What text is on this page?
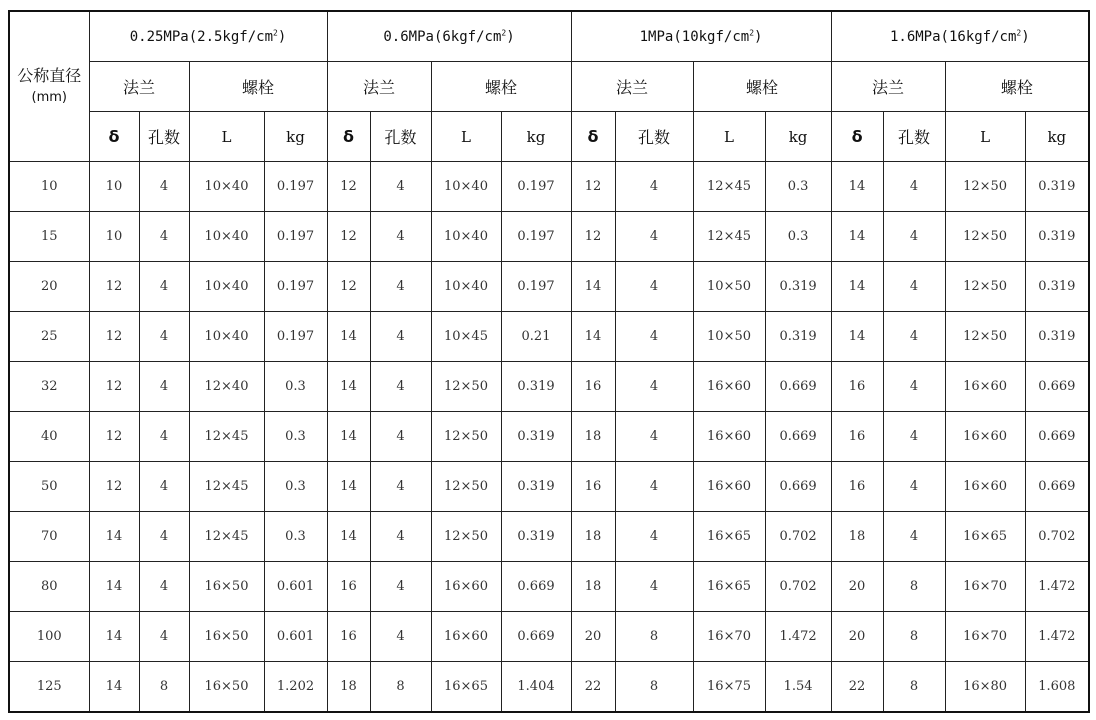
公称直径
(mm)	$0.25MPa(2.5kgf/cm^2)$				$0.6MPa(6kgf/cm^2)$				$1MPa(10kgf/cm^2)$				$1.6MPa(16kgf/cm^2)$			
	法兰		螺栓		法兰		螺栓		法兰		螺栓		法兰		螺栓	
	δ	孔数	L	kg	δ	孔数	L	kg	δ	孔数	L	kg	δ	孔数	L	kg
10	10	4	10×40	0.197	12	4	10×40	0.197	12	4	12×45	0.3	14	4	12×50	0.319
15	10	4	10×40	0.197	12	4	10×40	0.197	12	4	12×45	0.3	14	4	12×50	0.319
20	12	4	10×40	0.197	12	4	10×40	0.197	14	4	10×50	0.319	14	4	12×50	0.319
25	12	4	10×40	0.197	14	4	10×45	0.21	14	4	10×50	0.319	14	4	12×50	0.319
32	12	4	12×40	0.3	14	4	12×50	0.319	16	4	16×60	0.669	16	4	16×60	0.669
40	12	4	12×45	0.3	14	4	12×50	0.319	18	4	16×60	0.669	16	4	16×60	0.669
50	12	4	12×45	0.3	14	4	12×50	0.319	16	4	16×60	0.669	16	4	16×60	0.669
70	14	4	12×45	0.3	14	4	12×50	0.319	18	4	16×65	0.702	18	4	16×65	0.702
80	14	4	16×50	0.601	16	4	16×60	0.669	18	4	16×65	0.702	20	8	16×70	1.472
100	14	4	16×50	0.601	16	4	16×60	0.669	20	8	16×70	1.472	20	8	16×70	1.472
125	14	8	16×50	1.202	18	8	16×65	1.404	22	8	16×75	1.54	22	8	16×80	1.608
